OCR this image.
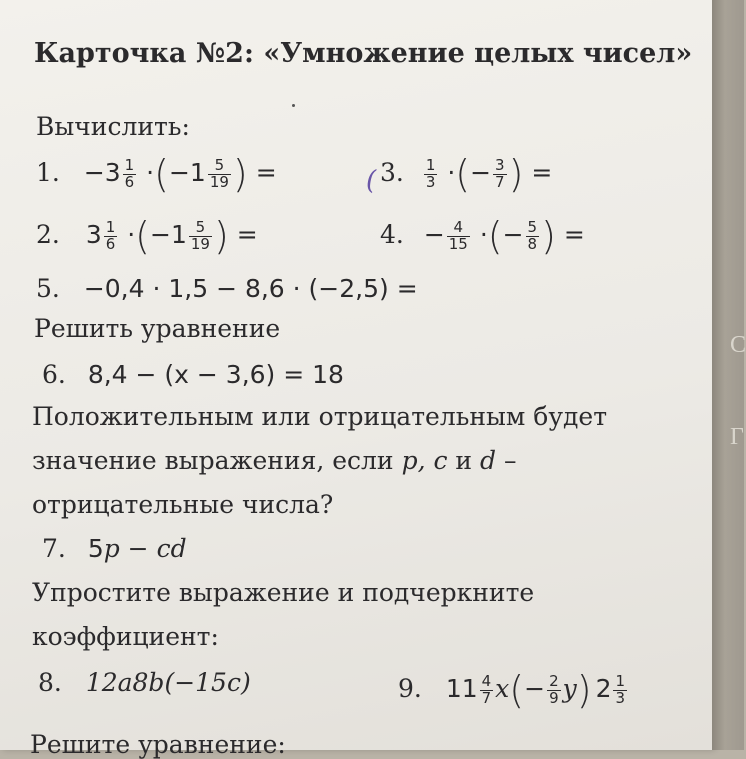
C
Г
Карточка №2: «Умножение целых чисел»
Вычислить:
1. $-3 \frac{1}{6} \cdot(-1 \frac{5}{19}$ ) =	( 3. $\frac{1}{3}$ ·(− $\frac{3}{7}$ ) =
2. $3 \frac{1}{6} \cdot(-1 \frac{5}{19}$ ) =	4. − $\frac{4}{15}$ ·(− $\frac{5}{8}$ ) =
5. −0,4 · 1,5 − 8,6 · (−2,5) =
Решить уравнение
6. 8,4 − (x − 3,6) = 18
Положительным или отрицательным будет
значение выражения, если p, c и d –
отрицательные числа?
7. 5p − cd
Упростите выражение и подчеркните
коэффициент:
8. 12a8b(−15c)	9. $11 \frac{4}{7} x(- \frac{2}{9} y)$ $2 \frac{1}{3}$
Решите уравнение:
